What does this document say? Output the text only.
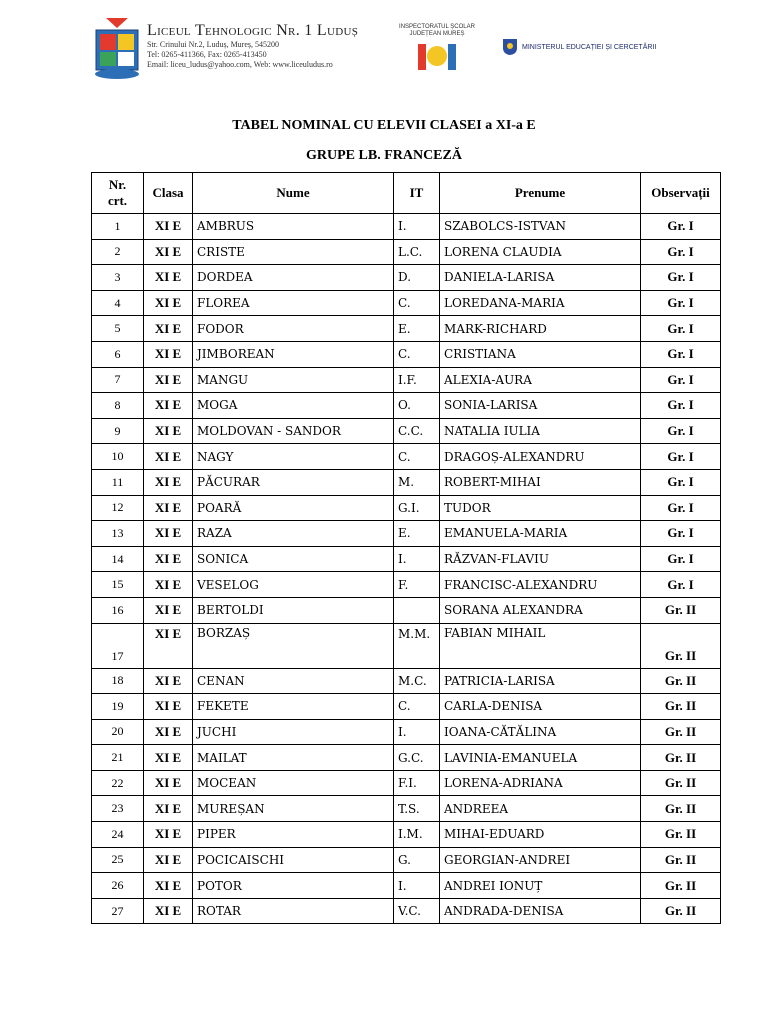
Liceul Tehnologic Nr. 1 Luduș
Str. Crinului Nr.2, Luduș, Mureș, 545200
Tel: 0265-411366, Fax: 0265-413450
Email: liceu_ludus@yahoo.com, Web: www.liceuludus.ro
INSPECTORATUL ȘCOLAR JUDEȚEAN MUREȘ
MINISTERUL EDUCAȚIEI ȘI CERCETĂRII
TABEL NOMINAL CU ELEVII CLASEI a XI-a E
GRUPE LB. FRANCEZĂ
Nr.
crt.	Clasa	Nume	IT	Prenume	Observații
1	XI E	AMBRUS	I.	SZABOLCS-ISTVAN	Gr. I
2	XI E	CRISTE	L.C.	LORENA CLAUDIA	Gr. I
3	XI E	DORDEA	D.	DANIELA-LARISA	Gr. I
4	XI E	FLOREA	C.	LOREDANA-MARIA	Gr. I
5	XI E	FODOR	E.	MARK-RICHARD	Gr. I
6	XI E	JIMBOREAN	C.	CRISTIANA	Gr. I
7	XI E	MANGU	I.F.	ALEXIA-AURA	Gr. I
8	XI E	MOGA	O.	SONIA-LARISA	Gr. I
9	XI E	MOLDOVAN - SANDOR	C.C.	NATALIA IULIA	Gr. I
10	XI E	NAGY	C.	DRAGOȘ-ALEXANDRU	Gr. I
11	XI E	PĂCURAR	M.	ROBERT-MIHAI	Gr. I
12	XI E	POARĂ	G.I.	TUDOR	Gr. I
13	XI E	RAZA	E.	EMANUELA-MARIA	Gr. I
14	XI E	SONICA	I.	RĂZVAN-FLAVIU	Gr. I
15	XI E	VESELOG	F.	FRANCISC-ALEXANDRU	Gr. I
16	XI E	BERTOLDI		SORANA ALEXANDRA	Gr. II
17	XI E	BORZAȘ	M.M.	FABIAN MIHAIL	Gr. II
18	XI E	CENAN	M.C.	PATRICIA-LARISA	Gr. II
19	XI E	FEKETE	C.	CARLA-DENISA	Gr. II
20	XI E	JUCHI	I.	IOANA-CĂTĂLINA	Gr. II
21	XI E	MAILAT	G.C.	LAVINIA-EMANUELA	Gr. II
22	XI E	MOCEAN	F.I.	LORENA-ADRIANA	Gr. II
23	XI E	MUREȘAN	T.S.	ANDREEA	Gr. II
24	XI E	PIPER	I.M.	MIHAI-EDUARD	Gr. II
25	XI E	POCICAISCHI	G.	GEORGIAN-ANDREI	Gr. II
26	XI E	POTOR	I.	ANDREI IONUȚ	Gr. II
27	XI E	ROTAR	V.C.	ANDRADA-DENISA	Gr. II
